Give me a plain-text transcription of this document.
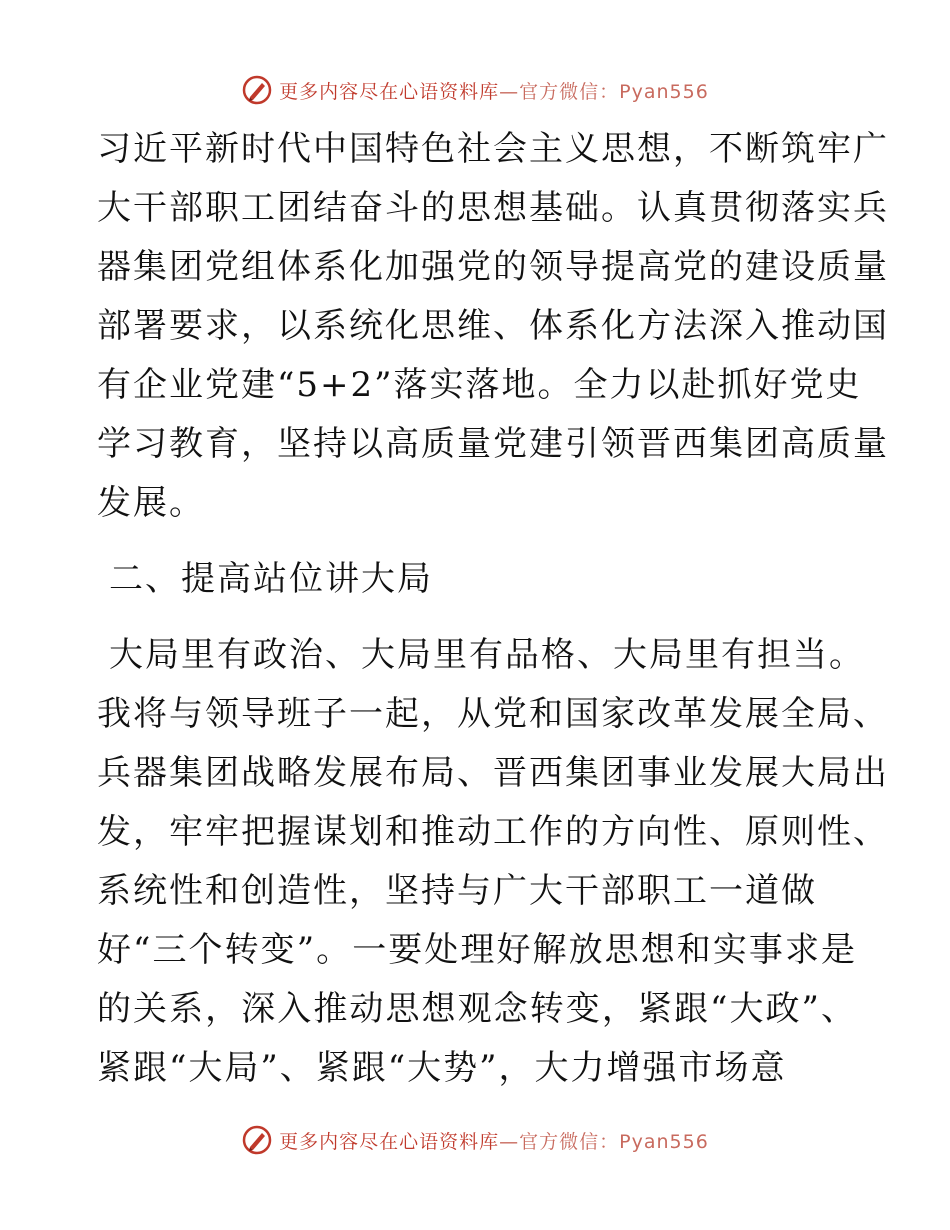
更多内容尽在心语资料库—官方微信：Pyan556
习近平新时代中国特色社会主义思想，不断筑牢广
大干部职工团结奋斗的思想基础。认真贯彻落实兵
器集团党组体系化加强党的领导提高党的建设质量
部署要求，以系统化思维、体系化方法深入推动国
有企业党建“5+2”落实落地。全力以赴抓好党史
学习教育，坚持以高质量党建引领晋西集团高质量
发展。
二、提高站位讲大局
大局里有政治、大局里有品格、大局里有担当。
我将与领导班子一起，从党和国家改革发展全局、
兵器集团战略发展布局、晋西集团事业发展大局出
发，牢牢把握谋划和推动工作的方向性、原则性、
系统性和创造性，坚持与广大干部职工一道做
好“三个转变”。一要处理好解放思想和实事求是
的关系，深入推动思想观念转变，紧跟“大政”、
紧跟“大局”、紧跟“大势”，大力增强市场意
更多内容尽在心语资料库—官方微信：Pyan556
